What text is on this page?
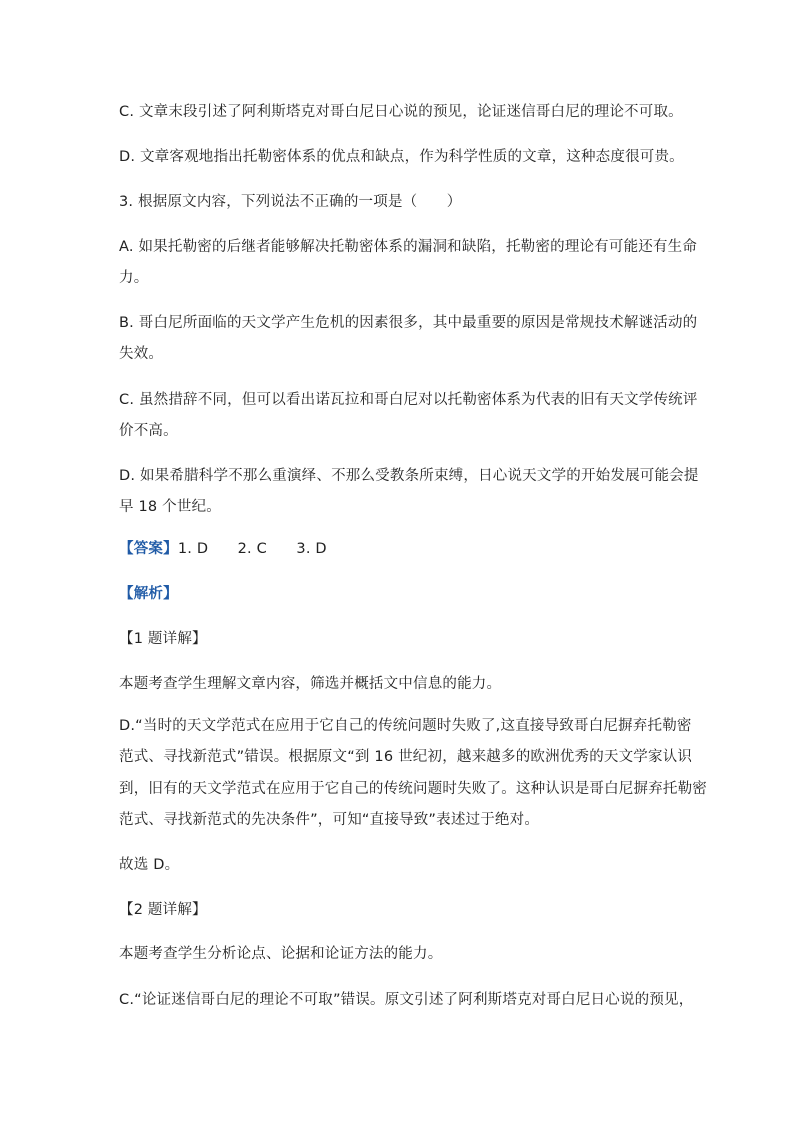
C. 文章末段引述了阿利斯塔克对哥白尼日心说的预见，论证迷信哥白尼的理论不可取。
D. 文章客观地指出托勒密体系的优点和缺点，作为科学性质的文章，这种态度很可贵。
3. 根据原文内容，下列说法不正确的一项是（　　）
A. 如果托勒密的后继者能够解决托勒密体系的漏洞和缺陷，托勒密的理论有可能还有生命
力。
B. 哥白尼所面临的天文学产生危机的因素很多，其中最重要的原因是常规技术解谜活动的
失效。
C. 虽然措辞不同，但可以看出诺瓦拉和哥白尼对以托勒密体系为代表的旧有天文学传统评
价不高。
D. 如果希腊科学不那么重演绎、不那么受教条所束缚，日心说天文学的开始发展可能会提
早 18 个世纪。
【答案】1. D　　2. C　　3. D
【解析】
【1 题详解】
本题考查学生理解文章内容，筛选并概括文中信息的能力。
D.“当时的天文学范式在应用于它自己的传统问题时失败了,这直接导致哥白尼摒弃托勒密
范式、寻找新范式”错误。根据原文“到 16 世纪初，越来越多的欧洲优秀的天文学家认识
到，旧有的天文学范式在应用于它自己的传统问题时失败了。这种认识是哥白尼摒弃托勒密
范式、寻找新范式的先决条件”，可知“直接导致”表述过于绝对。
故选 D。
【2 题详解】
本题考查学生分析论点、论据和论证方法的能力。
C.“论证迷信哥白尼的理论不可取”错误。原文引述了阿利斯塔克对哥白尼日心说的预见，
